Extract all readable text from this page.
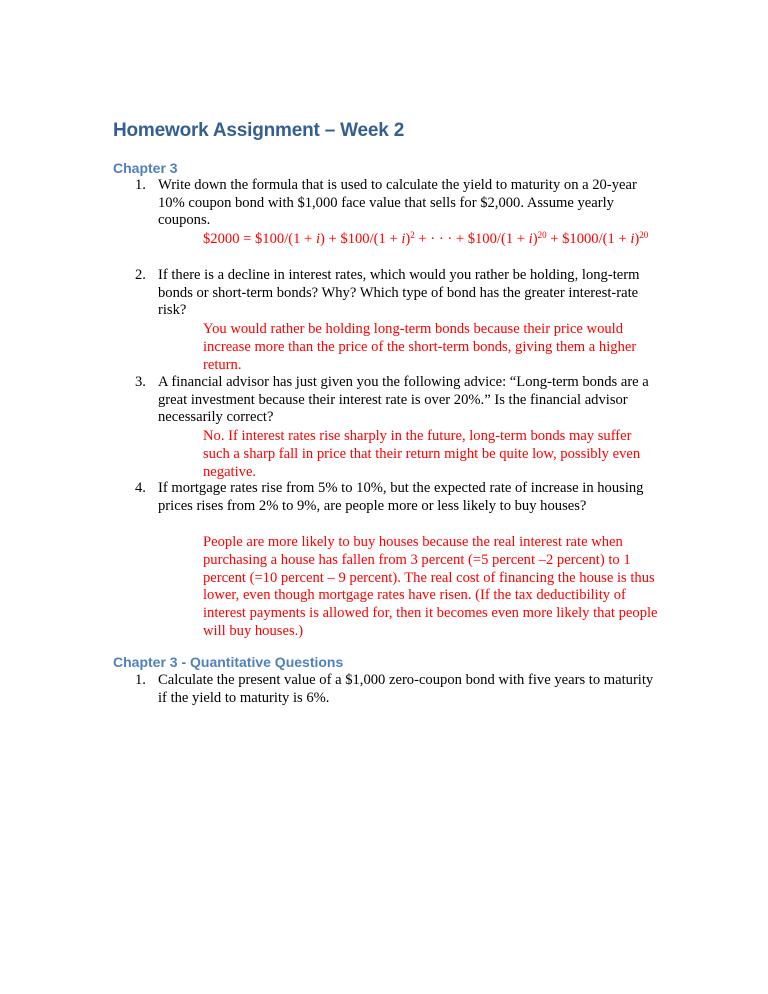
Homework Assignment – Week 2
Chapter 3
1. Write down the formula that is used to calculate the yield to maturity on a 20-year 10% coupon bond with $1,000 face value that sells for $2,000. Assume yearly coupons.
$2000 = $100/(1 + i) + $100/(1 + i)$^2$ + · · · + $100/(1 + i)$^{20}$ + $1000/(1 + i)$^{20}$
2. If there is a decline in interest rates, which would you rather be holding, long-term bonds or short-term bonds? Why? Which type of bond has the greater interest-rate risk?
You would rather be holding long-term bonds because their price would increase more than the price of the short-term bonds, giving them a higher return.
3. A financial advisor has just given you the following advice: “Long-term bonds are a great investment because their interest rate is over 20%.” Is the financial advisor necessarily correct?
No. If interest rates rise sharply in the future, long-term bonds may suffer such a sharp fall in price that their return might be quite low, possibly even negative.
4. If mortgage rates rise from 5% to 10%, but the expected rate of increase in housing prices rises from 2% to 9%, are people more or less likely to buy houses?
People are more likely to buy houses because the real interest rate when purchasing a house has fallen from 3 percent (=5 percent –2 percent) to 1 percent (=10 percent – 9 percent). The real cost of financing the house is thus lower, even though mortgage rates have risen. (If the tax deductibility of interest payments is allowed for, then it becomes even more likely that people will buy houses.)
Chapter 3 - Quantitative Questions
1. Calculate the present value of a $1,000 zero-coupon bond with five years to maturity if the yield to maturity is 6%.
